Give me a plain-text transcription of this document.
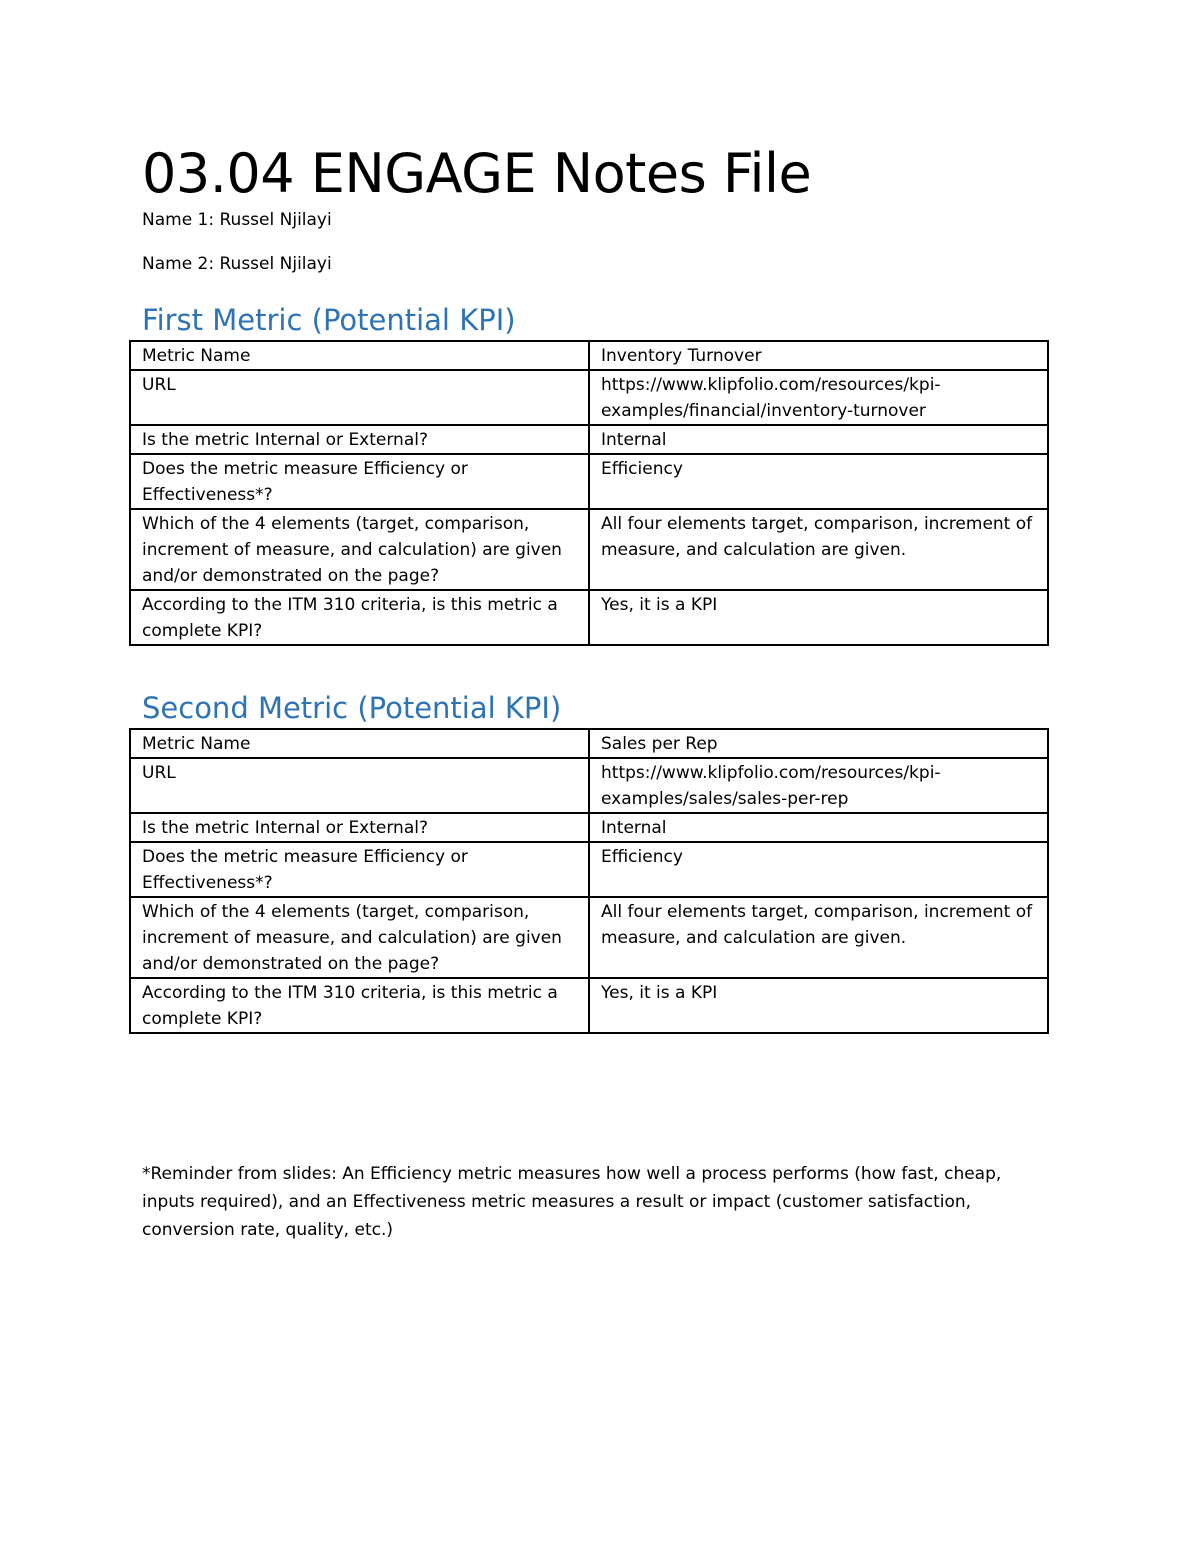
03.04 ENGAGE Notes File

Name 1: Russel Njilayi

Name 2: Russel Njilayi

First Metric (Potential KPI)
Metric Name	Inventory Turnover
URL	https://www.klipfolio.com/resources/kpi-examples/financial/inventory-turnover
Is the metric Internal or External?	Internal
Does the metric measure Efficiency or Effectiveness*?	Efficiency
Which of the 4 elements (target, comparison, increment of measure, and calculation) are given and/or demonstrated on the page?	All four elements target, comparison, increment of measure, and calculation are given.
According to the ITM 310 criteria, is this metric a complete KPI?	Yes, it is a KPI
Second Metric (Potential KPI)
Metric Name	Sales per Rep
URL	https://www.klipfolio.com/resources/kpi-examples/sales/sales-per-rep
Is the metric Internal or External?	Internal
Does the metric measure Efficiency or Effectiveness*?	Efficiency
Which of the 4 elements (target, comparison, increment of measure, and calculation) are given and/or demonstrated on the page?	All four elements target, comparison, increment of measure, and calculation are given.
According to the ITM 310 criteria, is this metric a complete KPI?	Yes, it is a KPI

*Reminder from slides: An Efficiency metric measures how well a process performs (how fast, cheap, inputs required), and an Effectiveness metric measures a result or impact (customer satisfaction, conversion rate, quality, etc.)
